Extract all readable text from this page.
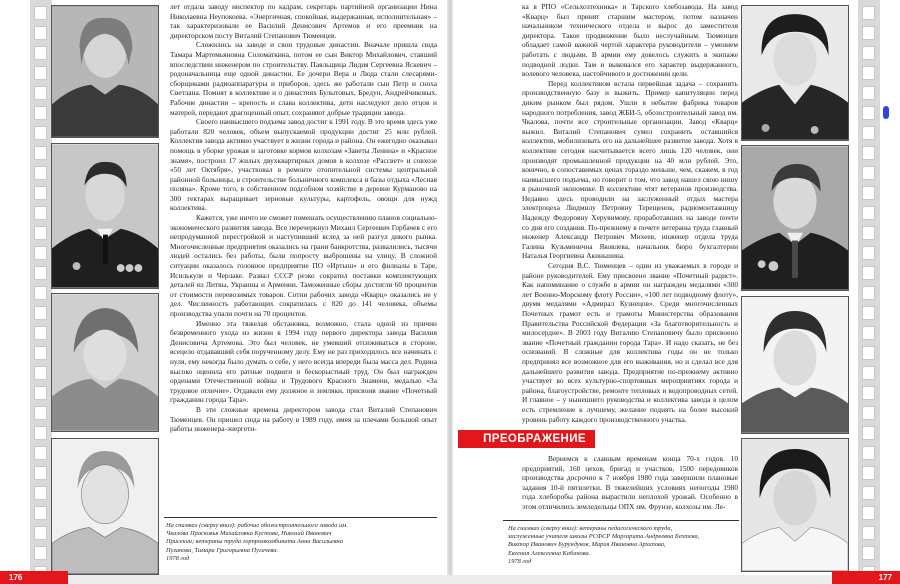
лет отдала заводу инспектор по кадрам, секретарь партийной организации Нина Николаевна Неупокоева. «Энергичная, спокойная, выдержанная, исполнительная» – так характеризовали ее Василий Денисович Артемов и его преемник на директорском посту Виталий Степанович Тюменцев.

Сложились на заводе и свои трудовые династии. Вначале пришла сюда Тамара Мартемьяновна Соломаткина, потом ее сын Виктор Михайлович, ставший впоследствии инженером по строительству. Паяльщица Лидия Сергеевна Яскевич – родоначальница еще одной династии. Ее дочери Вера и Люда стали слесарями-сборщиками радиоаппаратуры и приборов, здесь же работали сын Петр и сноха Светлана. Помнят в коллективе и о династиях Булытовых, Бредун, Андрейчиковых. Рабочие династии – крепость и слава коллектива, дети наследуют дело отцов и матерей, передают драгоценный опыт, сохраняют добрые традиции завода.

Своего наивысшего подъема завод достиг к 1991 году. В это время здесь уже работали 820 человек, объем выпускаемой продукции достиг 25 млн рублей. Коллектив завода активно участвует в жизни города и района. Он ежегодно оказывал помощь в уборке урожая и заготовке кормов колхозам «Заветы Ленина» и «Красное знамя», построил 17 жилых двухквартирных домов в колхозе «Рассвет» и совхозе «50 лет Октября», участвовал в ремонте отопительной системы центральной районной больницы, в строительстве больничного комплекса и базы отдыха «Лесная поляна». Кроме того, в собственном подсобном хозяйстве в деревне Курманово на 300 гектарах выращивает зерновые культуры, картофель, овощи для нужд коллектива.

Кажется, уже ничто не сможет помешать осуществлению планов социально-экономического развития завода. Все перечеркнул Михаил Сергеевич Горбачев с его непродуманной перестройкой и наступивший вслед за ней разгул дикого рынка. Многочисленные предприятия оказались на грани банкротства, развалились, тысячи людей остались без работы, были попросту выброшены на улицу. В сложной ситуации оказалось головное предприятие ПО «Иртыш» и его филиалы в Таре, Исилькуле и Черлаке. Развал СССР резко сократил поставки комплектующих деталей из Литвы, Украины и Армении. Таможенные сборы достигли 60 процентов от стоимости перевозимых товаров. Сотни рабочих завода «Кварц» оказались не у дел. Численность работающих сократилась с 820 до 141 человека, объемы производства упали почти на 70 процентов.

Именно эта тяжелая обстановка, возможно, стала одной из причин безвременного ухода из жизни в 1994 году первого директора завода Василия Денисовича Артемова. Это был человек, не умевший отсиживаться в стороне, всецело отдававший себя порученному делу. Ему не раз приходилось все начинать с нуля, ему некогда было думать о себе, у него всегда впереди была масса дел. Родина высоко оценила его ратные подвиги и бескорыстный труд. Он был награжден орденами Отечественной войны и Трудового Красного Знамени, медалью «За трудовое отличие». Отдавали ему должное и земляки, присвоив звание «Почетный гражданин города Тара».

В эти сложные времена директором завода стал Виталий Степанович Тюменцев. Он пришел сюда на работу в 1989 году, имея за плечами большой опыт работы инженера-энергети-

На снимках (сверху вниз): рабочие обозостроительного завода им.
Чкалова Прасковья Михайловна Кустова, Николай Иванович
Присекин; ветераны труда горпромкомбината Анна Васильевна
Пузанова, Тамара Григорьевна Пугачева.
1978 год

ка в РПО «Сельхозтехника» и Тарского хлебозавода. На завод «Кварц» был принят старшим мастером, потом назначен начальником технического отдела и вырос до заместителя директора. Такое продвижение было неслучайным. Тюменцев обладает самой важной чертой характера руководителя – умением работать с людьми. В армии ему довелось служить в экипаже подводной лодки. Там и выковался его характер выдержанного, волевого человека, настойчивого в достижении цели.

Перед коллективом встала первейшая задача – сохранить производственную базу и выжить. Пример капитуляции перед диким рынком был рядом. Ушли в небытие фабрика товаров народного потребления, завод ЖБИ-5, обозостроительный завод им. Чкалова, почти все строительные организации. Завод «Кварц» выжил. Виталий Степанович сумел сохранить оставшийся коллектив, мобилизовать его на дальнейшее развитие завода. Хотя в коллективе сегодня насчитывается всего лишь 120 человек, они производят промышленной продукции на 40 млн рублей. Это, конечно, в сопоставимых ценах гораздо меньше, чем, скажем, в год наивысшего подъема, но говорит о том, что завод нашел свою нишу в рыночной экономике. В коллективе чтят ветеранов производства. Недавно здесь проводили на заслуженный отдых мастера электроцеха Людмилу Петровну Терещенок, радиомонтажницу Надежду Федоровну Херувимову, проработавших на заводе почти со дня его создания. По-прежнему в почете ветераны труда главный инженер Александр Петрович Михеев, инженер отдела труда Галина Кузьминична Яковлева, начальник бюро бухгалтерии Наталья Георгиевна Акиньшина.

Сегодня В.С. Тюменцев – один из уважаемых в городе и районе руководителей. Ему присвоено звание «Почетный радист». Как напоминание о службе в армии он награжден медалями «300 лет Военно-Морскому флоту России», «100 лет подводному флоту», двумя медалями «Адмирал Кузнецов». Среди многочисленных Почетных грамот есть и грамоты Министерства образования Правительства Российской Федерации «За благотворительность и милосердие». В 2003 году Виталию Степановичу было присвоено звание «Почетный гражданин города Тара». И надо сказать, не без оснований. В сложные для коллектива годы он не только предпринял все возможное для его выживания, но и сделал все для дальнейшего развития завода. Предприятие по-прежнему активно участвует во всех культурно-спортивных мероприятиях города и района, благоустройстве, ремонте тепловых и водопроводных сетей. И главное – у нынешнего руководства и коллектива завода в целом есть стремление к лучшему, желание поднять на более высокий уровень работу каждого производственного участка.

ПРЕОБРАЖЕНИЕ

Вернемся к славным временам конца 70-х годов. 10 предприятий, 160 цехов, бригад и участков, 1500 передовиков производства досрочно к 7 ноября 1980 года завершили плановые задания 10-й пятилетки. В тяжелейших условиях непогоды 1980 года хлеборобы района вырастили неплохой урожай. Особенно в этом отличились земледельцы ОПХ им. Фрунзе, колхозы им. Ле-

На снимках (сверху вниз): ветераны педагогического труда,
заслуженные учителя школы РСФСР Маргарита Андреевна Бехтева,
Виктор Иванович Бурундуков, Мария Ивановна Архипова,
Евгения Алексеевна Кабанова.
1978 год
176	177
